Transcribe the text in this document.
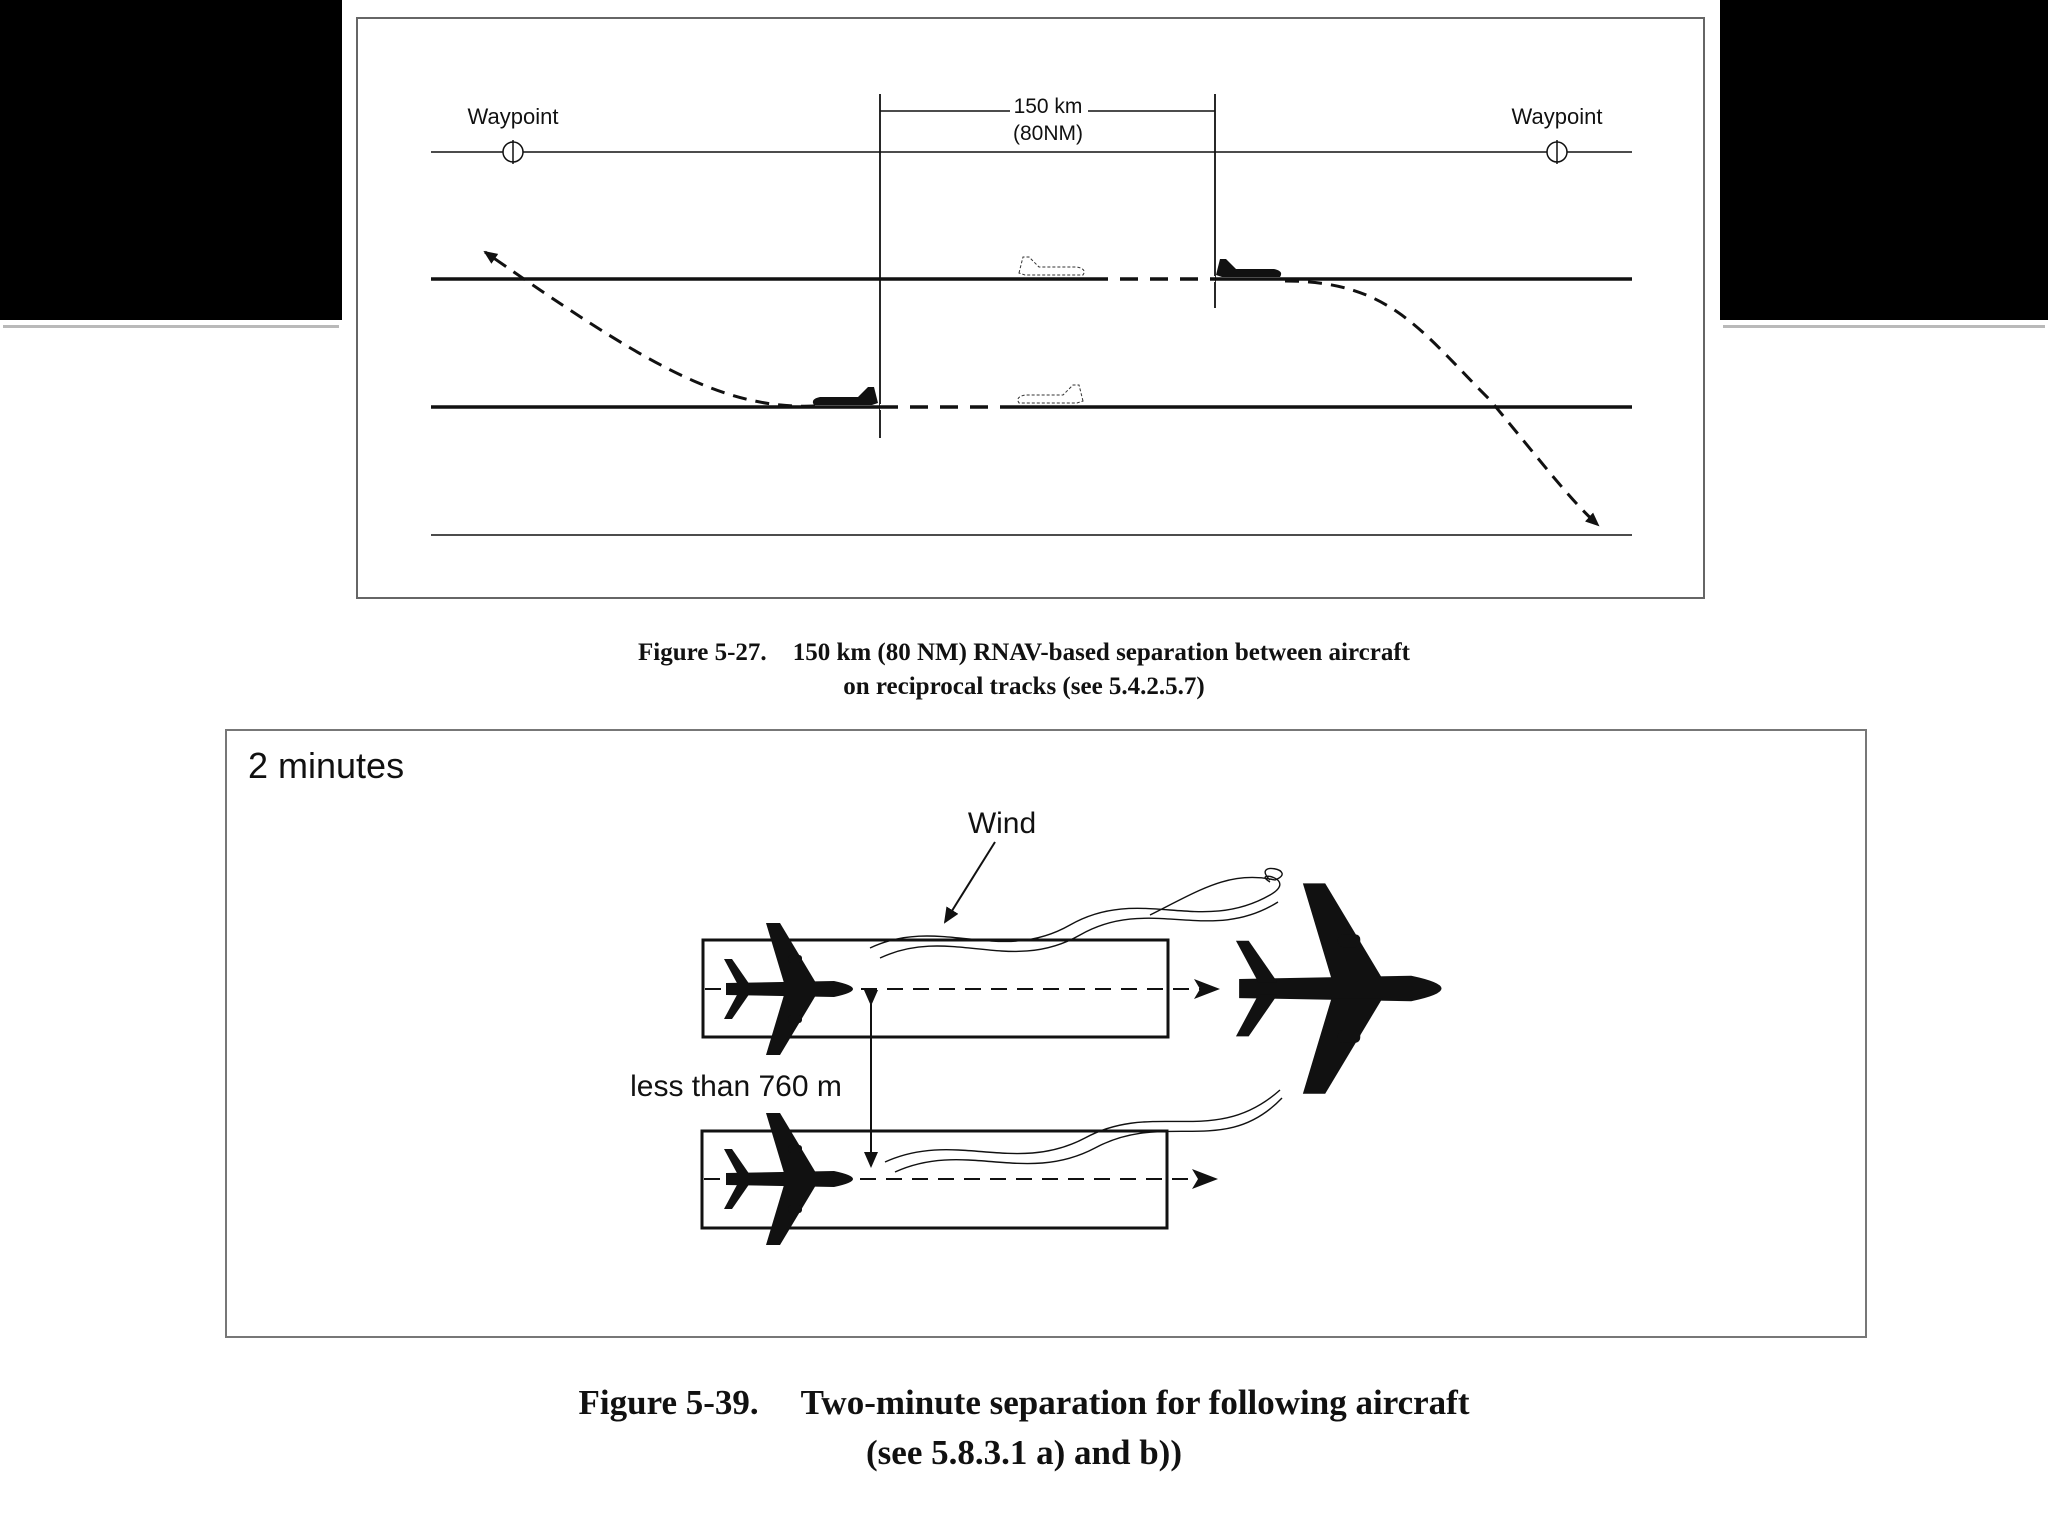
Waypoint	Waypoint
150 km
(80NM)
2 minutes
Wind
less than 760 m
Figure 5-27. 150 km (80 NM) RNAV-based separation between aircraft
on reciprocal tracks (see 5.4.2.5.7)
Figure 5-39. Two-minute separation for following aircraft
(see 5.8.3.1 a) and b))
